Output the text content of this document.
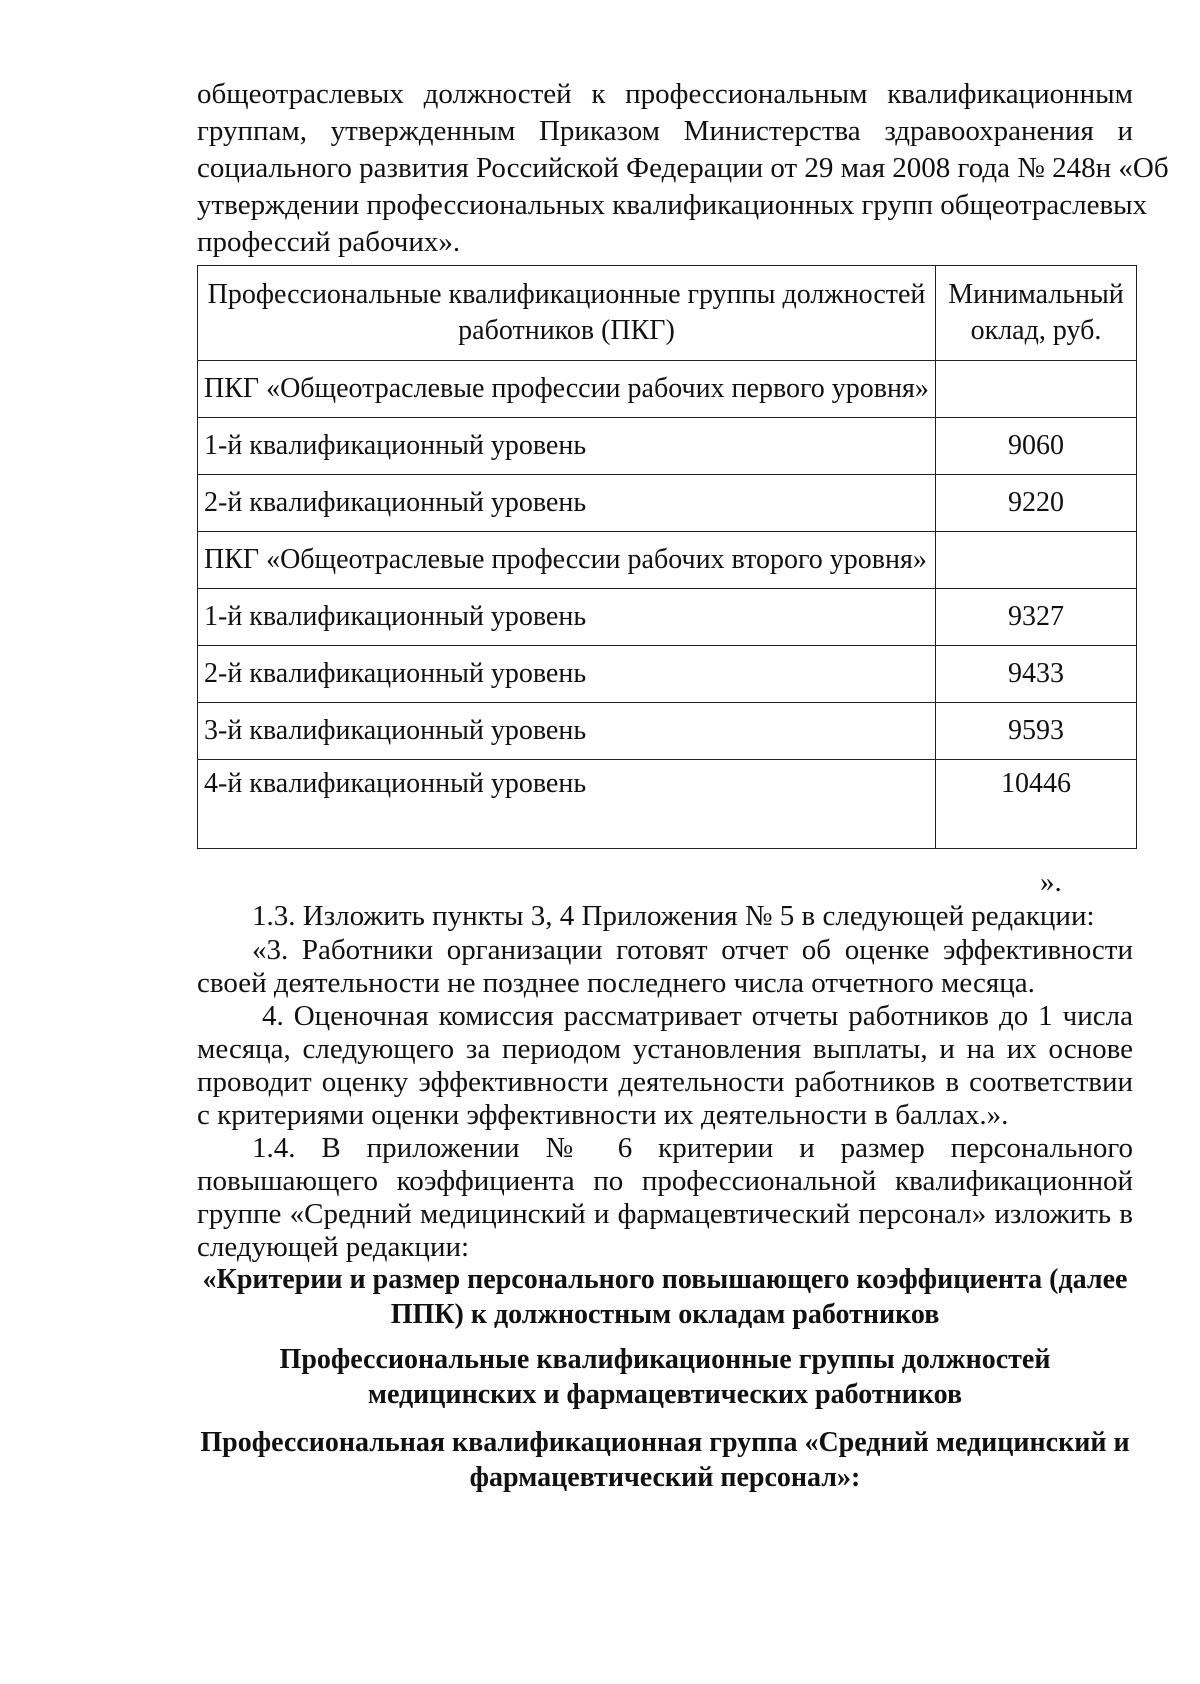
общеотраслевых должностей к профессиональным квалификационным
группам, утвержденным Приказом Министерства здравоохранения и
социального развития Российской Федерации от 29 мая 2008 года № 248н «Об
утверждении профессиональных квалификационных групп общеотраслевых
профессий рабочих».
Профессиональные квалификационные группы должностей работников (ПКГ)	Минимальный оклад, руб.
ПКГ «Общеотраслевые профессии рабочих первого уровня»	
1-й квалификационный уровень	9060
2-й квалификационный уровень	9220
ПКГ «Общеотраслевые профессии рабочих второго уровня»	
1-й квалификационный уровень	9327
2-й квалификационный уровень	9433
3-й квалификационный уровень	9593
4-й квалификационный уровень	10446
».

1.3. Изложить пункты 3, 4 Приложения № 5 в следующей редакции:

«3. Работники организации готовят отчет об оценке эффективности своей деятельности не позднее последнего числа отчетного месяца.

4. Оценочная комиссия рассматривает отчеты работников до 1 числа месяца, следующего за периодом установления выплаты, и на их основе проводит оценку эффективности деятельности работников в соответствии с критериями оценки эффективности их деятельности в баллах.».

1.4. В приложении № 6 критерии и размер персонального повышающего коэффициента по профессиональной квалификационной группе «Средний медицинский и фармацевтический персонал» изложить в следующей редакции:

«Критерии и размер персонального повышающего коэффициента (далее ППК) к должностным окладам работников

Профессиональные квалификационные группы должностей медицинских и фармацевтических работников

Профессиональная квалификационная группа «Средний медицинский и фармацевтический персонал»:
